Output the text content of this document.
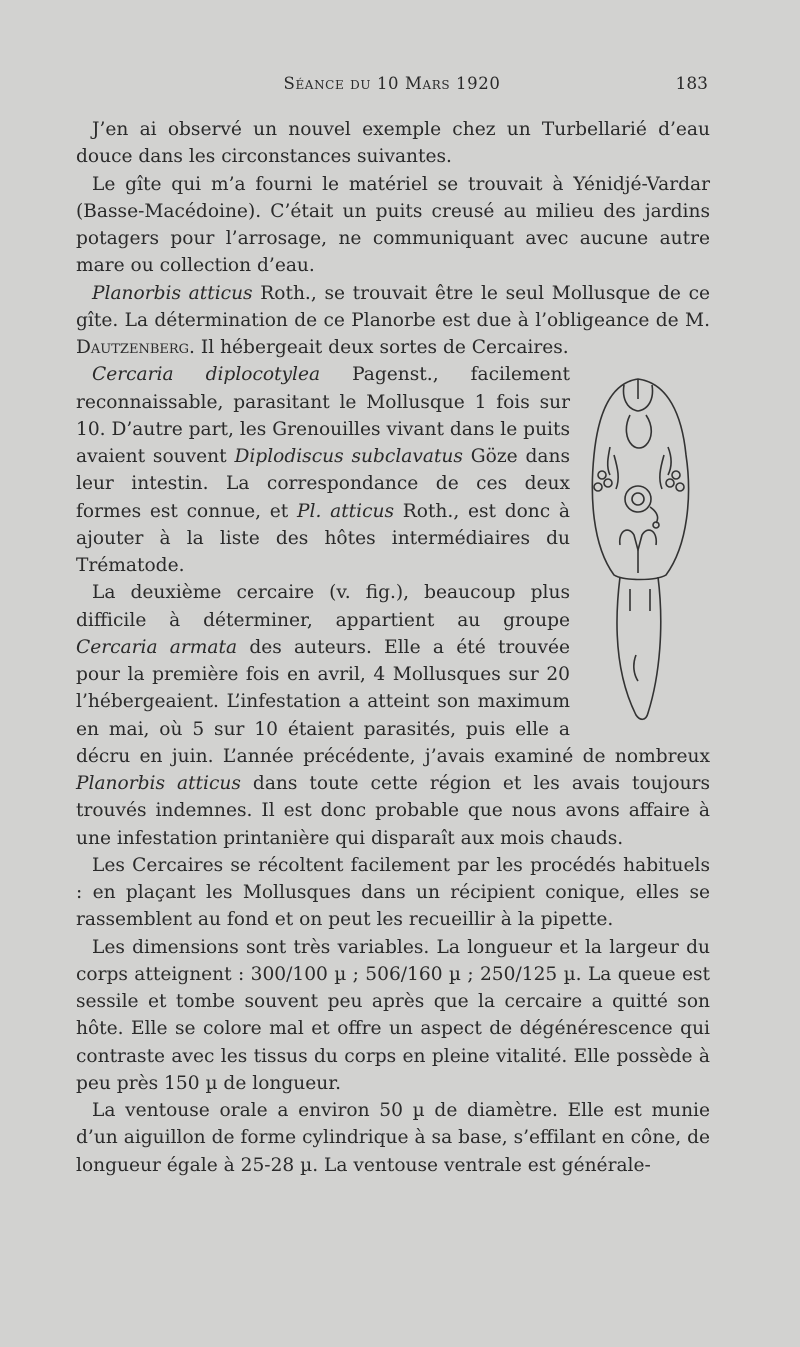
Séance du 10 Mars 1920	183

J’en ai observé un nouvel exemple chez un Turbellarié d’eau douce dans les circonstances suivantes.

Le gîte qui m’a fourni le matériel se trouvait à Yénidjé-Vardar (Basse-Macédoine). C’était un puits creusé au milieu des jardins potagers pour l’arrosage, ne communiquant avec aucune autre mare ou collection d’eau.

Planorbis atticus Roth., se trouvait être le seul Mollusque de ce gîte. La détermination de ce Planorbe est due à l’obligeance de M. Dautzenberg. Il hébergeait deux sortes de Cercaires.

Cercaria diplocotylea Pagenst., facilement reconnaissable, parasitant le Mollusque 1 fois sur 10. D’autre part, les Grenouilles vivant dans le puits avaient souvent Diplodiscus subclavatus Göze dans leur intestin. La correspondance de ces deux formes est connue, et Pl. atticus Roth., est donc à ajouter à la liste des hôtes intermédiaires du Trématode.

La deuxième cercaire (v. fig.), beaucoup plus difficile à déterminer, appartient au groupe Cercaria armata des auteurs. Elle a été trouvée pour la première fois en avril, 4 Mollusques sur 20 l’hébergeaient. L’infestation a atteint son maximum en mai, où 5 sur 10 étaient parasités, puis elle a décru en juin. L’année précédente, j’avais examiné de nombreux Planorbis atticus dans toute cette région et les avais toujours trouvés indemnes. Il est donc probable que nous avons affaire à une infestation printanière qui disparaît aux mois chauds.

Les Cercaires se récoltent facilement par les procédés habituels : en plaçant les Mollusques dans un récipient conique, elles se rassemblent au fond et on peut les recueillir à la pipette.

Les dimensions sont très variables. La longueur et la largeur du corps atteignent : 300/100 µ ; 506/160 µ ; 250/125 µ. La queue est sessile et tombe souvent peu après que la cercaire a quitté son hôte. Elle se colore mal et offre un aspect de dégénérescence qui contraste avec les tissus du corps en pleine vitalité. Elle possède à peu près 150 µ de longueur.

La ventouse orale a environ 50 µ de diamètre. Elle est munie d’un aiguillon de forme cylindrique à sa base, s’effilant en cône, de longueur égale à 25-28 µ. La ventouse ventrale est générale-
